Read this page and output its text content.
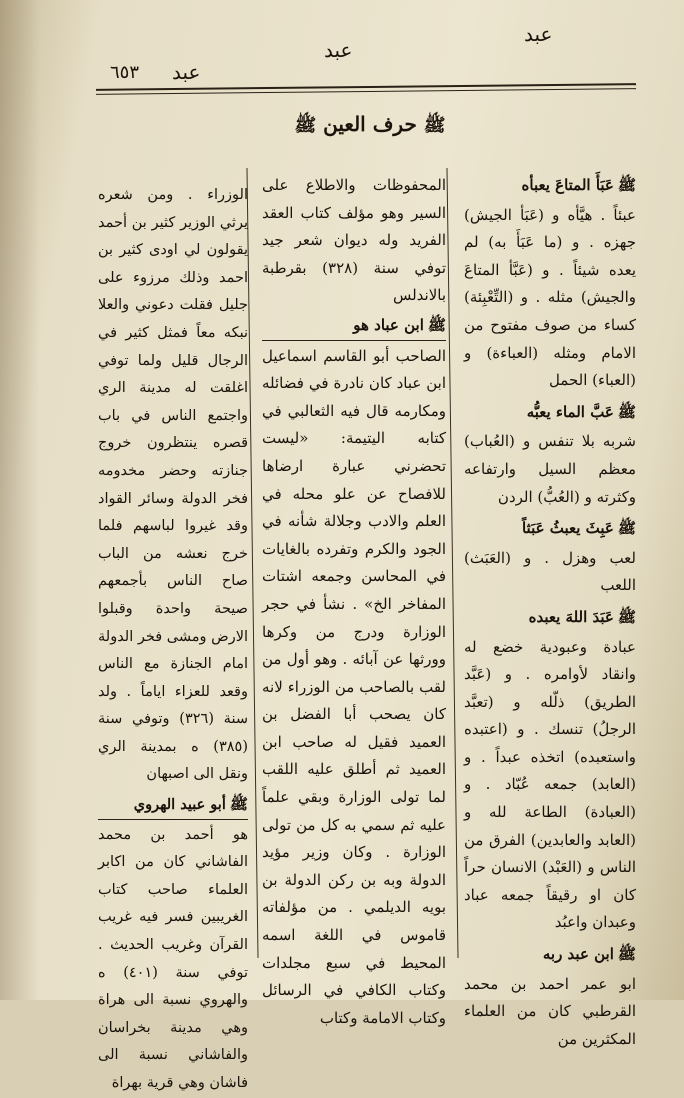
عبد
عبد
عبد
٦٥٣
ﷺ حرف العين ﷺ
ﷺعَبَأَ المتاعَ يعبأه
عبئاً . هيَّأه و (عَبَأ الجيش) جهزه . و (ما عَبَأَ به) لم يعده شيئاً . و (عَبَّأ المتاعَ والجيش) مثله . و (التِّعْبِئة) كساء من صوف مفتوح من الامام ومثله (العباءة) و (العباء) الحمل
ﷺعَبَّ الماء يعبُّه
شربه بلا تنفس و (العُباب) معظم السيل وارتفاعه وكثرته و (العُبُّ) الردن
ﷺعَبِثَ يعبثُ عَبَثاً
لعب وهزل . و (العَبَث) اللعب
ﷺعَبَدَ اللهَ يعبده
عبادة وعبودية خضع له وانقاد لأوامره . و (عَبَّد الطريق) ذلّله و (تعبَّد الرجلُ) تنسك . و (اعتبده واستعبده) اتخذه عبداً . و (العابد) جمعه عُبّاد . و (العبادة) الطاعة لله و (العابد والعابدين) الفرق من الناس و (العَبْد) الانسان حراً كان او رقيقاً جمعه عباد وعبدان واعبُد
ﷺابن عبد ربه
ابو عمر احمد بن محمد القرطبي كان من العلماء المكثرين من
المحفوظات والاطلاع على السير وهو مؤلف كتاب العقد الفريد وله ديوان شعر جيد توفي سنة (٣٢٨) بقرطبة بالاندلس
ﷺابن عباد هو
الصاحب أبو القاسم اسماعيل ابن عباد كان نادرة في فضائله ومكارمه قال فيه الثعالبي في كتابه اليتيمة: «ليست تحضرني عبارة ارضاها للافصاح عن علو محله في العلم والادب وجلالة شأنه في الجود والكرم وتفرده بالغايات في المحاسن وجمعه اشتات المفاخر الخ» . نشأ في حجر الوزارة ودرج من وكرها وورثها عن آبائه . وهو أول من لقب بالصاحب من الوزراء لانه كان يصحب أبا الفضل بن العميد فقيل له صاحب ابن العميد ثم أطلق عليه اللقب لما تولى الوزارة وبقي علماً عليه ثم سمي به كل من تولى الوزارة . وكان وزير مؤيد الدولة وبه بن ركن الدولة بن بويه الديلمي . من مؤلفاته قاموس في اللغة اسمه المحيط في سبع مجلدات وكتاب الكافي في الرسائل وكتاب الامامة وكتاب
الوزراء . ومن شعره يرثي الوزير كثير بن أحمد يقولون لي اودى كثير بن احمد وذلك مرزوء على جليل فقلت دعوني والعلا نبكه معاً فمثل كثير في الرجال قليل ولما توفي اغلقت له مدينة الري واجتمع الناس في باب قصره ينتظرون خروج جنازته وحضر مخدومه فخر الدولة وسائر القواد وقد غيروا لباسهم فلما خرج نعشه من الباب صاح الناس بأجمعهم صيحة واحدة وقبلوا الارض ومشى فخر الدولة امام الجنازة مع الناس وقعد للعزاء اياماً . ولد سنة (٣٢٦) وتوفي سنة (٣٨٥) ه بمدينة الري ونقل الى اصبهان
ﷺأبو عبيد الهروي
هو أحمد بن محمد الفاشاني كان من اكابر العلماء صاحب كتاب الغريبين فسر فيه غريب القرآن وغريب الحديث . توفي سنة (٤٠١) ه والهروي نسبة الى هراة وهي مدينة بخراسان والفاشاني نسبة الى فاشان وهي قرية بهراة
